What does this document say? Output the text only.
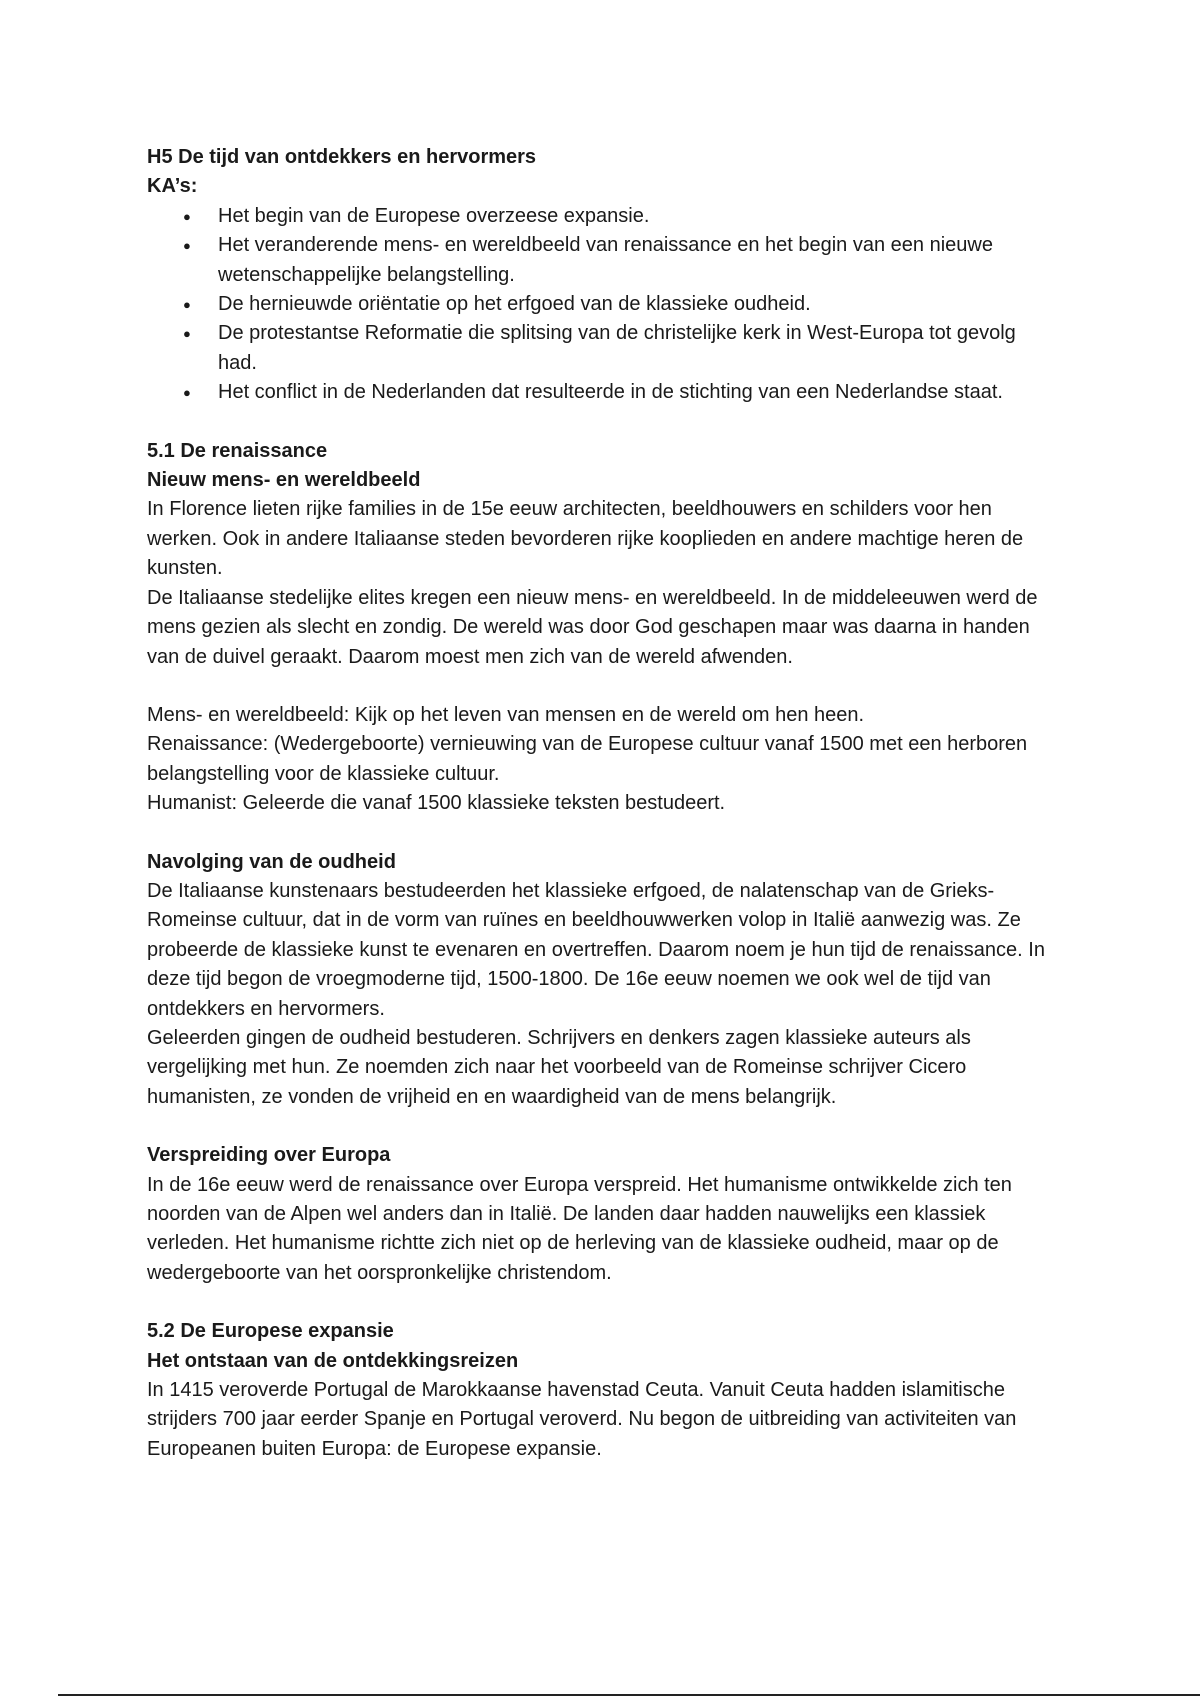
H5 De tijd van ontdekkers en hervormers

KA’s:

● Het begin van de Europese overzeese expansie.
● Het veranderende mens- en wereldbeeld van renaissance en het begin van een nieuwe wetenschappelijke belangstelling.
● De hernieuwde oriëntatie op het erfgoed van de klassieke oudheid.
● De protestantse Reformatie die splitsing van de christelijke kerk in West-Europa tot gevolg had.
● Het conflict in de Nederlanden dat resulteerde in de stichting van een Nederlandse staat.

5.1 De renaissance

Nieuw mens- en wereldbeeld

In Florence lieten rijke families in de 15e eeuw architecten, beeldhouwers en schilders voor hen werken. Ook in andere Italiaanse steden bevorderen rijke kooplieden en andere machtige heren de kunsten.

De Italiaanse stedelijke elites kregen een nieuw mens- en wereldbeeld. In de middeleeuwen werd de mens gezien als slecht en zondig. De wereld was door God geschapen maar was daarna in handen van de duivel geraakt. Daarom moest men zich van de wereld afwenden.

Mens- en wereldbeeld: Kijk op het leven van mensen en de wereld om hen heen.

Renaissance: (Wedergeboorte) vernieuwing van de Europese cultuur vanaf 1500 met een herboren belangstelling voor de klassieke cultuur.

Humanist: Geleerde die vanaf 1500 klassieke teksten bestudeert.

Navolging van de oudheid

De Italiaanse kunstenaars bestudeerden het klassieke erfgoed, de nalatenschap van de Grieks-Romeinse cultuur, dat in de vorm van ruïnes en beeldhouwwerken volop in Italië aanwezig was. Ze probeerde de klassieke kunst te evenaren en overtreffen. Daarom noem je hun tijd de renaissance. In deze tijd begon de vroegmoderne tijd, 1500-1800. De 16e eeuw noemen we ook wel de tijd van ontdekkers en hervormers.

Geleerden gingen de oudheid bestuderen. Schrijvers en denkers zagen klassieke auteurs als vergelijking met hun. Ze noemden zich naar het voorbeeld van de Romeinse schrijver Cicero humanisten, ze vonden de vrijheid en en waardigheid van de mens belangrijk.

Verspreiding over Europa

In de 16e eeuw werd de renaissance over Europa verspreid. Het humanisme ontwikkelde zich ten noorden van de Alpen wel anders dan in Italië. De landen daar hadden nauwelijks een klassiek verleden. Het humanisme richtte zich niet op de herleving van de klassieke oudheid, maar op de wedergeboorte van het oorspronkelijke christendom.

5.2 De Europese expansie

Het ontstaan van de ontdekkingsreizen

In 1415 veroverde Portugal de Marokkaanse havenstad Ceuta. Vanuit Ceuta hadden islamitische strijders 700 jaar eerder Spanje en Portugal veroverd. Nu begon de uitbreiding van activiteiten van Europeanen buiten Europa: de Europese expansie.
